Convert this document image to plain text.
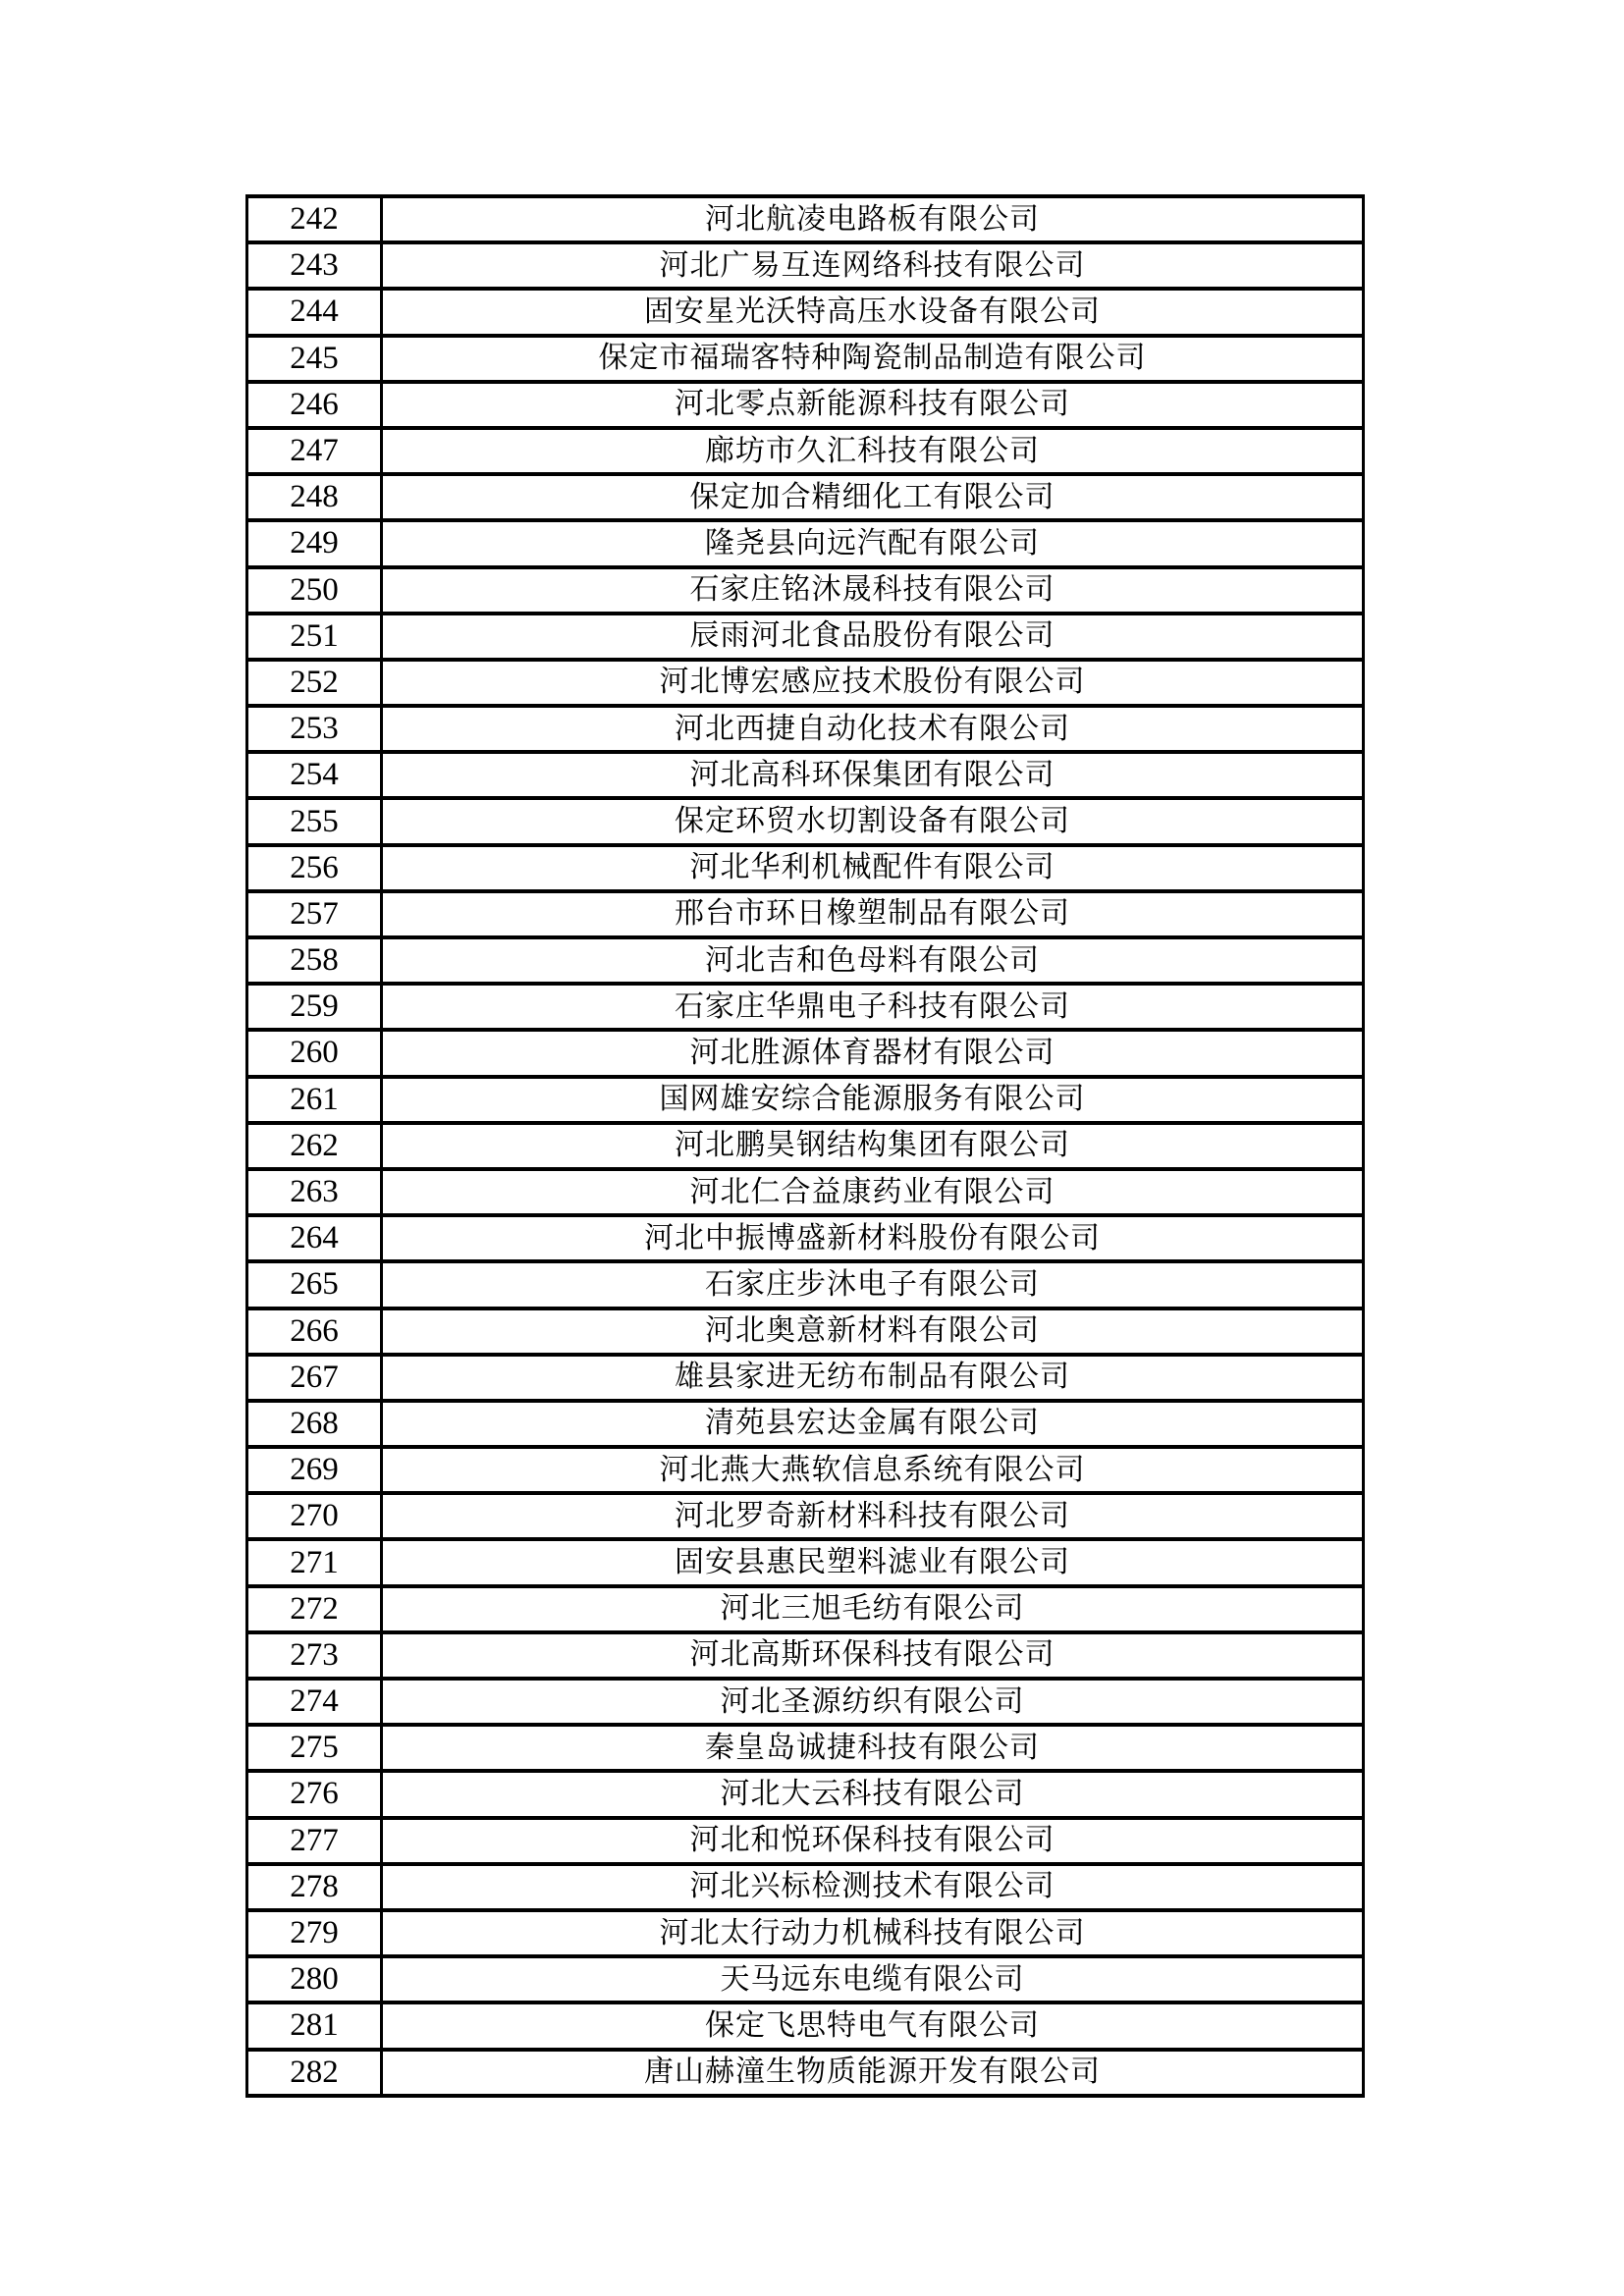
242	河北航凌电路板有限公司
243	河北广易互连网络科技有限公司
244	固安星光沃特高压水设备有限公司
245	保定市福瑞客特种陶瓷制品制造有限公司
246	河北零点新能源科技有限公司
247	廊坊市久汇科技有限公司
248	保定加合精细化工有限公司
249	隆尧县向远汽配有限公司
250	石家庄铭沐晟科技有限公司
251	辰雨河北食品股份有限公司
252	河北博宏感应技术股份有限公司
253	河北西捷自动化技术有限公司
254	河北高科环保集团有限公司
255	保定环贸水切割设备有限公司
256	河北华利机械配件有限公司
257	邢台市环日橡塑制品有限公司
258	河北吉和色母料有限公司
259	石家庄华鼎电子科技有限公司
260	河北胜源体育器材有限公司
261	国网雄安综合能源服务有限公司
262	河北鹏昊钢结构集团有限公司
263	河北仁合益康药业有限公司
264	河北中振博盛新材料股份有限公司
265	石家庄步沐电子有限公司
266	河北奥意新材料有限公司
267	雄县家进无纺布制品有限公司
268	清苑县宏达金属有限公司
269	河北燕大燕软信息系统有限公司
270	河北罗奇新材料科技有限公司
271	固安县惠民塑料滤业有限公司
272	河北三旭毛纺有限公司
273	河北高斯环保科技有限公司
274	河北圣源纺织有限公司
275	秦皇岛诚捷科技有限公司
276	河北大云科技有限公司
277	河北和悦环保科技有限公司
278	河北兴标检测技术有限公司
279	河北太行动力机械科技有限公司
280	天马远东电缆有限公司
281	保定飞思特电气有限公司
282	唐山赫潼生物质能源开发有限公司
